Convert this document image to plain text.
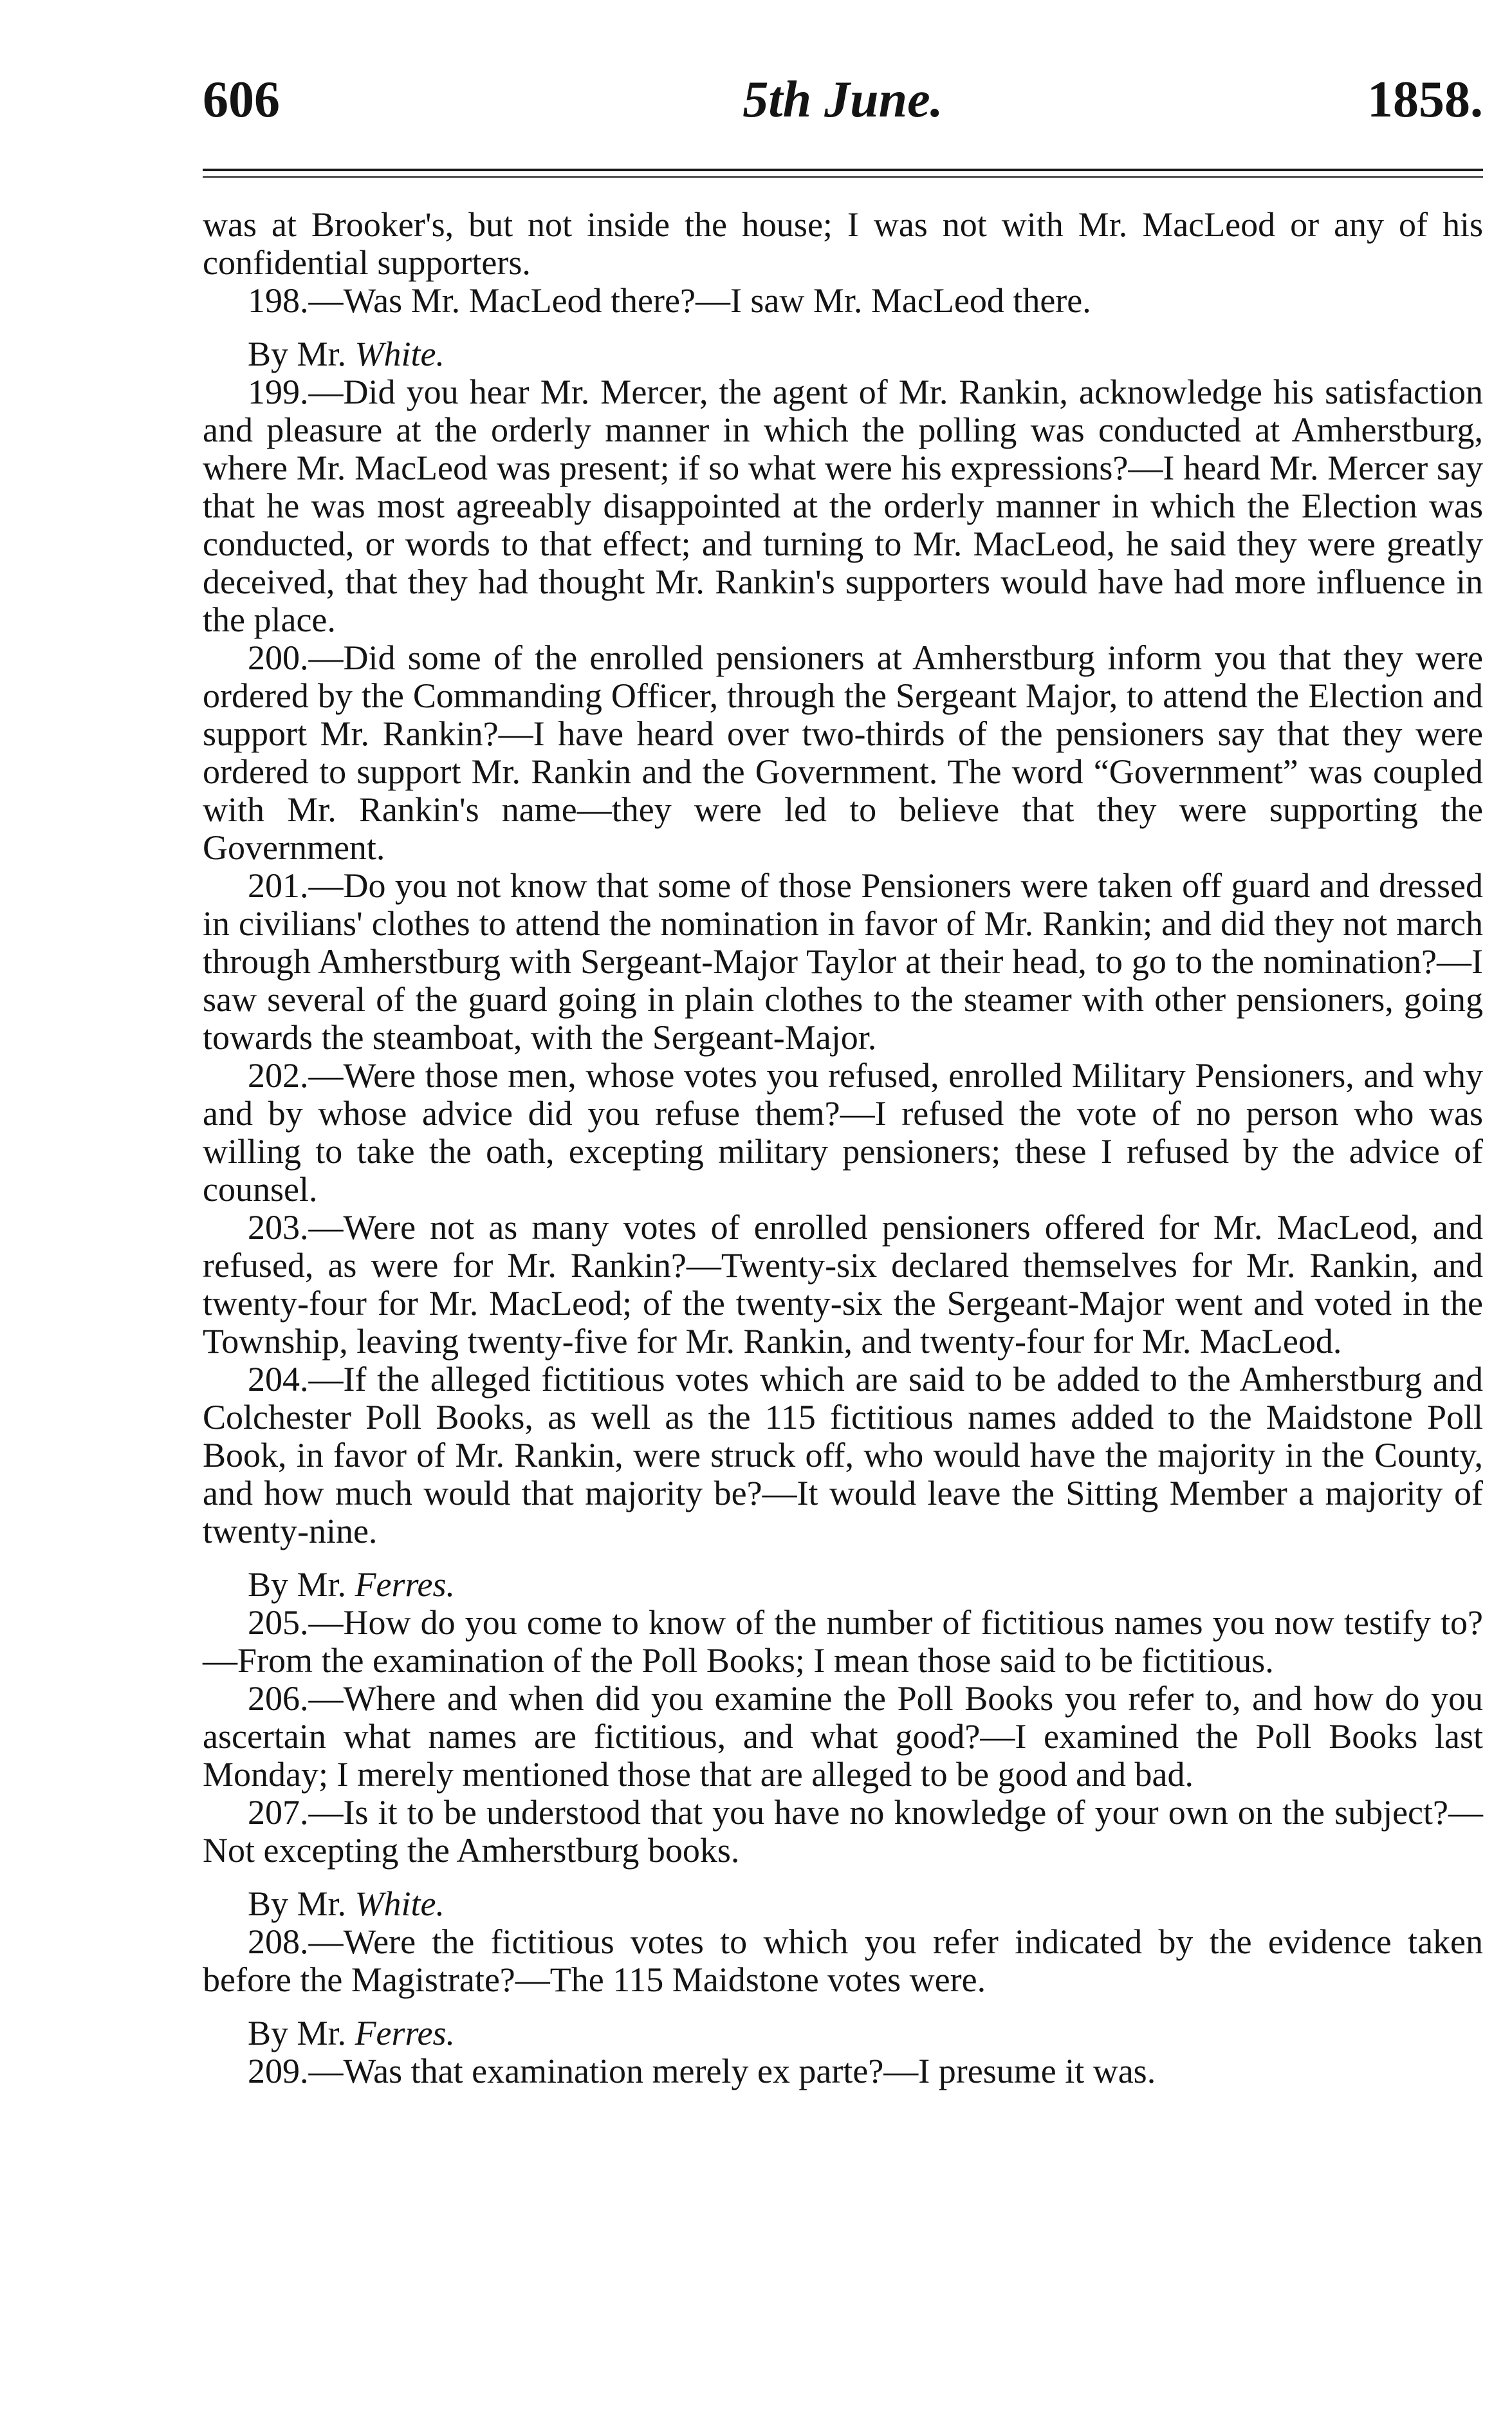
606	5th June.	1858.

was at Brooker's, but not inside the house; I was not with Mr. MacLeod or any of his confidential supporters.

198.—Was Mr. MacLeod there?—I saw Mr. MacLeod there.

By Mr. White.

199.—Did you hear Mr. Mercer, the agent of Mr. Rankin, acknowledge his satisfaction and pleasure at the orderly manner in which the polling was conducted at Amherstburg, where Mr. MacLeod was present; if so what were his expressions?—I heard Mr. Mercer say that he was most agreeably disappointed at the orderly manner in which the Election was conducted, or words to that effect; and turning to Mr. MacLeod, he said they were greatly deceived, that they had thought Mr. Rankin's supporters would have had more influence in the place.

200.—Did some of the enrolled pensioners at Amherstburg inform you that they were ordered by the Commanding Officer, through the Sergeant Major, to attend the Election and support Mr. Rankin?—I have heard over two-thirds of the pensioners say that they were ordered to support Mr. Rankin and the Government. The word “Government” was coupled with Mr. Rankin's name—they were led to believe that they were supporting the Government.

201.—Do you not know that some of those Pensioners were taken off guard and dressed in civilians' clothes to attend the nomination in favor of Mr. Rankin; and did they not march through Amherstburg with Sergeant-Major Taylor at their head, to go to the nomination?—I saw several of the guard going in plain clothes to the steamer with other pensioners, going towards the steamboat, with the Sergeant-Major.

202.—Were those men, whose votes you refused, enrolled Military Pensioners, and why and by whose advice did you refuse them?—I refused the vote of no person who was willing to take the oath, excepting military pensioners; these I refused by the advice of counsel.

203.—Were not as many votes of enrolled pensioners offered for Mr. MacLeod, and refused, as were for Mr. Rankin?—Twenty-six declared themselves for Mr. Rankin, and twenty-four for Mr. MacLeod; of the twenty-six the Sergeant-Major went and voted in the Township, leaving twenty-five for Mr. Rankin, and twenty-four for Mr. MacLeod.

204.—If the alleged fictitious votes which are said to be added to the Amherstburg and Colchester Poll Books, as well as the 115 fictitious names added to the Maidstone Poll Book, in favor of Mr. Rankin, were struck off, who would have the majority in the County, and how much would that majority be?—It would leave the Sitting Member a majority of twenty-nine.

By Mr. Ferres.

205.—How do you come to know of the number of fictitious names you now testify to?—From the examination of the Poll Books; I mean those said to be fictitious.

206.—Where and when did you examine the Poll Books you refer to, and how do you ascertain what names are fictitious, and what good?—I examined the Poll Books last Monday; I merely mentioned those that are alleged to be good and bad.

207.—Is it to be understood that you have no knowledge of your own on the subject?—Not excepting the Amherstburg books.

By Mr. White.

208.—Were the fictitious votes to which you refer indicated by the evidence taken before the Magistrate?—The 115 Maidstone votes were.

By Mr. Ferres.

209.—Was that examination merely ex parte?—I presume it was.
